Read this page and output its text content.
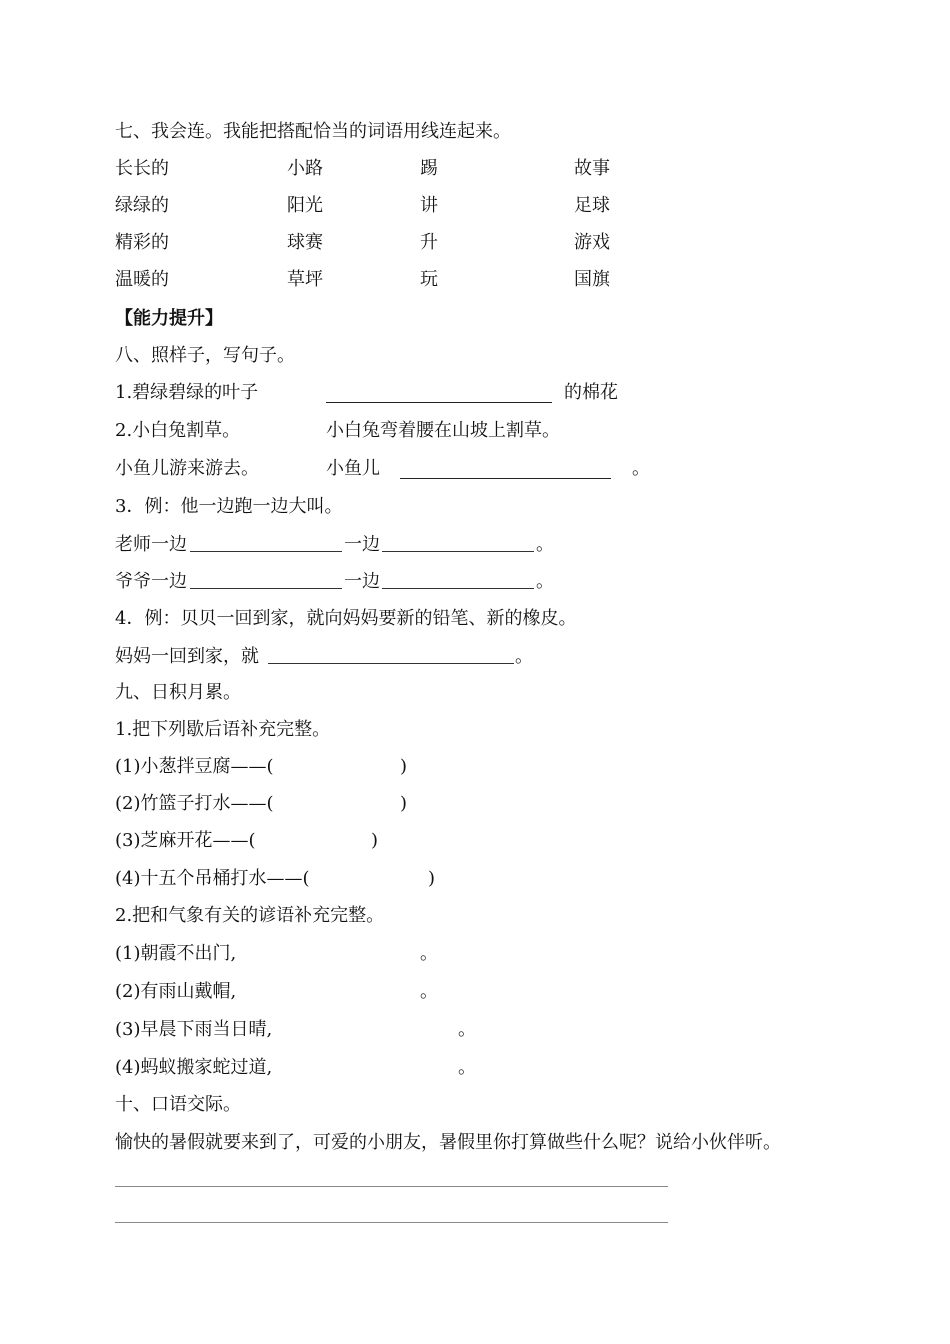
七、我会连。我能把搭配恰当的词语用线连起来。
长长的	小路	踢	故事
绿绿的	阳光	讲	足球
精彩的	球赛	升	游戏
温暖的	草坪	玩	国旗
【能力提升】
八、照样子，写句子。
1.碧绿碧绿的叶子	的棉花
2.小白兔割草。	小白兔弯着腰在山坡上割草。
小鱼儿游来游去。	小鱼儿	。
3．例：他一边跑一边大叫。
老师一边	一边	。
爷爷一边	一边	。
4．例：贝贝一回到家，就向妈妈要新的铅笔、新的橡皮。
妈妈一回到家，就	。
九、日积月累。
1.把下列歇后语补充完整。
(1)小葱拌豆腐——(	)
(2)竹篮子打水——(	)
(3)芝麻开花——(	)
(4)十五个吊桶打水——(	)
2.把和气象有关的谚语补充完整。
(1)朝霞不出门,	。
(2)有雨山戴帽,	。
(3)早晨下雨当日晴,	。
(4)蚂蚁搬家蛇过道,	。
十、口语交际。
愉快的暑假就要来到了，可爱的小朋友，暑假里你打算做些什么呢？说给小伙伴听。
